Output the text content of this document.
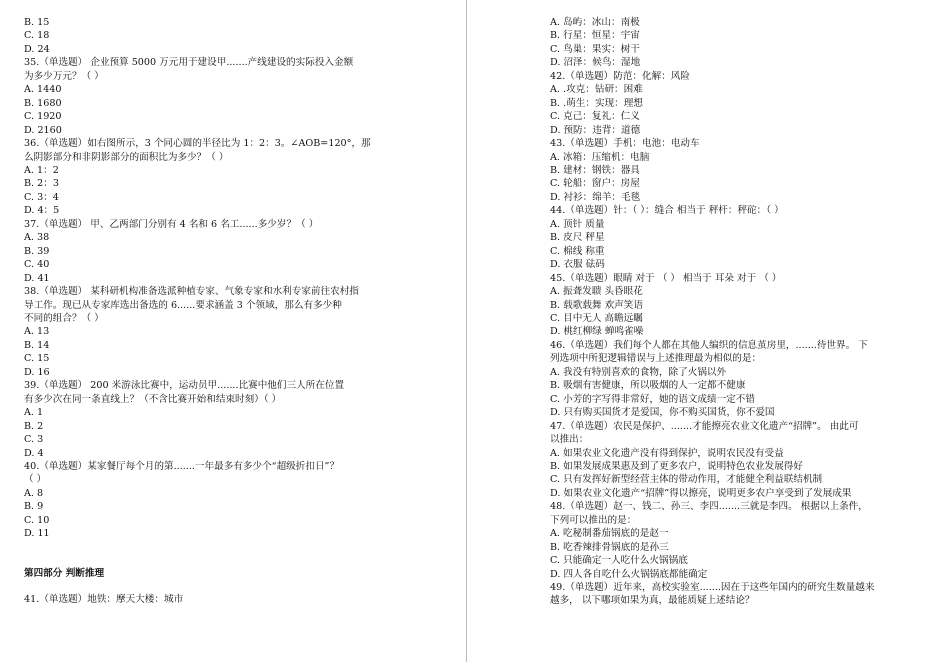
B. 15
C. 18
D. 24
35.（单选题） 企业预算 5000 万元用于建设甲.......产线建设的实际投入金额
为多少万元？（ ）
A. 1440
B. 1680
C. 1920
D. 2160
36.（单选题）如右图所示，3 个同心圆的半径比为 1：2：3。∠AOB=120°，那
么阴影部分和非阴影部分的面积比为多少？（ ）
A. 1：2
B. 2：3
C. 3：4
D. 4：5
37.（单选题） 甲、乙两部门分别有 4 名和 6 名工......多少岁？（ ）
A. 38
B. 39
C. 40
D. 41
38.（单选题） 某科研机构准备选派种植专家、气象专家和水利专家前往农村指
导工作。现已从专家库选出备选的 6......要求涵盖 3 个领域，那么有多少种
不同的组合？（ ）
A. 13
B. 14
C. 15
D. 16
39.（单选题） 200 米游泳比赛中，运动员甲.......比赛中他们三人所在位置
有多少次在同一条直线上？（不含比赛开始和结束时刻）（ ）
A. 1
B. 2
C. 3
D. 4
40.（单选题）某家餐厅每个月的第.......一年最多有多少个“超级折扣日”？
（ ）
A. 8
B. 9
C. 10
D. 11
第四部分 判断推理
41.（单选题）地铁：摩天大楼：城市
A. 岛屿：冰山：南极
B. 行星：恒星：宇宙
C. 鸟巢：果实：树干
D. 沼泽：候鸟：湿地
42.（单选题）防范：化解：风险
A. .攻克：钻研：困难
B. .萌生：实现：理想
C. 克己：复礼：仁义
D. 预防：违背：道德
43.（单选题）手机：电池：电动车
A. 冰箱：压缩机：电脑
B. 建材：钢铁：器具
C. 轮船：窗户：房屋
D. 衬衫：绵羊：毛毯
44.（单选题）针：（ ）：缝合 相当于 秤杆：秤砣：（ ）
A. 顶针 质量
B. 皮尺 秤星
C. 棉线 称重
D. 衣服 砝码
45.（单选题）眼睛 对于 （ ） 相当于 耳朵 对于 （ ）
A. 振聋发聩 头昏眼花
B. 载歌载舞 欢声笑语
C. 目中无人 高瞻远瞩
D. 桃红柳绿 蝉鸣雀噪
46.（单选题）我们每个人都在其他人编织的信息茧房里，.......待世界。 下
列选项中所犯逻辑错误与上述推理最为相似的是：
A. 我没有特别喜欢的食物，除了火锅以外
B. 吸烟有害健康，所以吸烟的人一定都不健康
C. 小芳的字写得非常好，她的语文成绩一定不错
D. 只有购买国货才是爱国，你不购买国货，你不爱国
47.（单选题）农民是保护、.......才能擦亮农业文化遗产“招牌”。 由此可
以推出：
A. 如果农业文化遗产没有得到保护，说明农民没有受益
B. 如果发展成果惠及到了更多农户，说明特色农业发展得好
C. 只有发挥好新型经营主体的带动作用，才能健全利益联结机制
D. 如果农业文化遗产“招牌”得以擦亮，说明更多农户享受到了发展成果
48.（单选题）赵一、钱二、孙三、李四.......三就是李四。 根据以上条件，
下列可以推出的是：
A. 吃秘制番茄锅底的是赵一
B. 吃香辣排骨锅底的是孙三
C. 只能确定一人吃什么火锅锅底
D. 四人各自吃什么火锅锅底都能确定
49.（单选题）近年来，高校实验室.......因在于这些年国内的研究生数量越来
越多， 以下哪项如果为真，最能质疑上述结论？
